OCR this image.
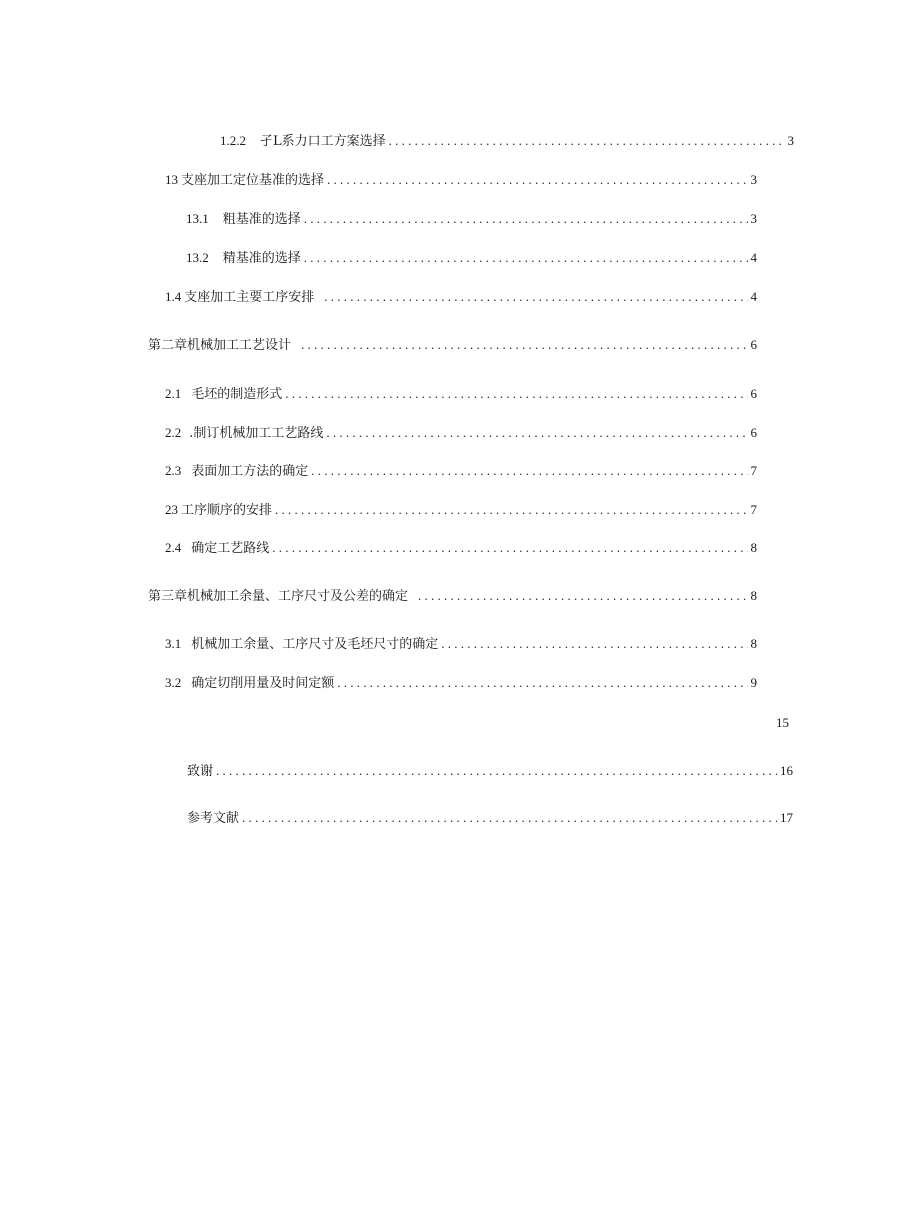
1.2.2 孑L系力口工方案选择 . . .	3
13 支座加工定位基准的选择 . . .	3
13.1 粗基准的选择 . . .	3
13.2 精基准的选择 . . .	4
1.4 支座加工主要工序安排 . . .	4
第二章机械加工工艺设计 . . .	6
2.1 毛坯的制造形式 . . .	6
2.2 .制订机械加工工艺路线 . . .	6
2.3 表面加工方法的确定 . . .	7
23 工序顺序的安排 . . .	7
2.4 确定工艺路线 . . .	8
第三章机械加工余量、工序尺寸及公差的确定 . . .	8
3.1 机械加工余量、工序尺寸及毛坯尺寸的确定 . . .	8
3.2 确定切削用量及时间定额 . . .	9
15
致谢 . . .	16
参考文献 . . .	17
